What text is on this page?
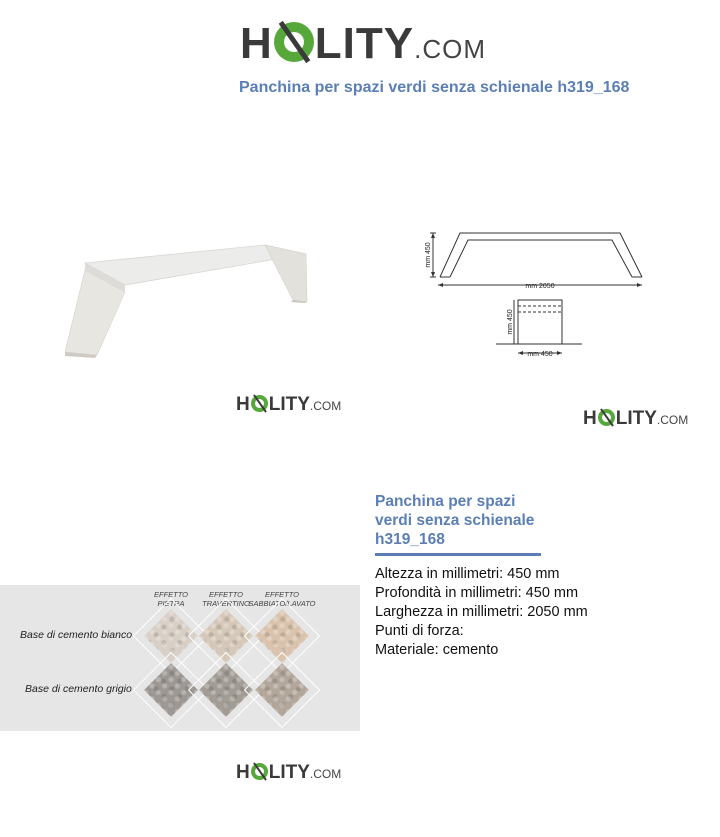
H LITY .COM
Panchina per spazi verdi senza schienale h319_168
H LITY .COM
mm 450
mm 2050
mm 450
mm 450
H LITY .COM
Panchina per spazi
verdi senza schienale
h319_168
Altezza in millimetri: 450 mm
Profondità in millimetri: 450 mm
Larghezza in millimetri: 2050 mm
Punti di forza:
Materiale: cemento
EFFETTO
PIETRA
EFFETTO
TRAVERTINO
EFFETTO
SABBIATO/LAVATO
Base di cemento bianco
Base di cemento grigio
H LITY .COM
